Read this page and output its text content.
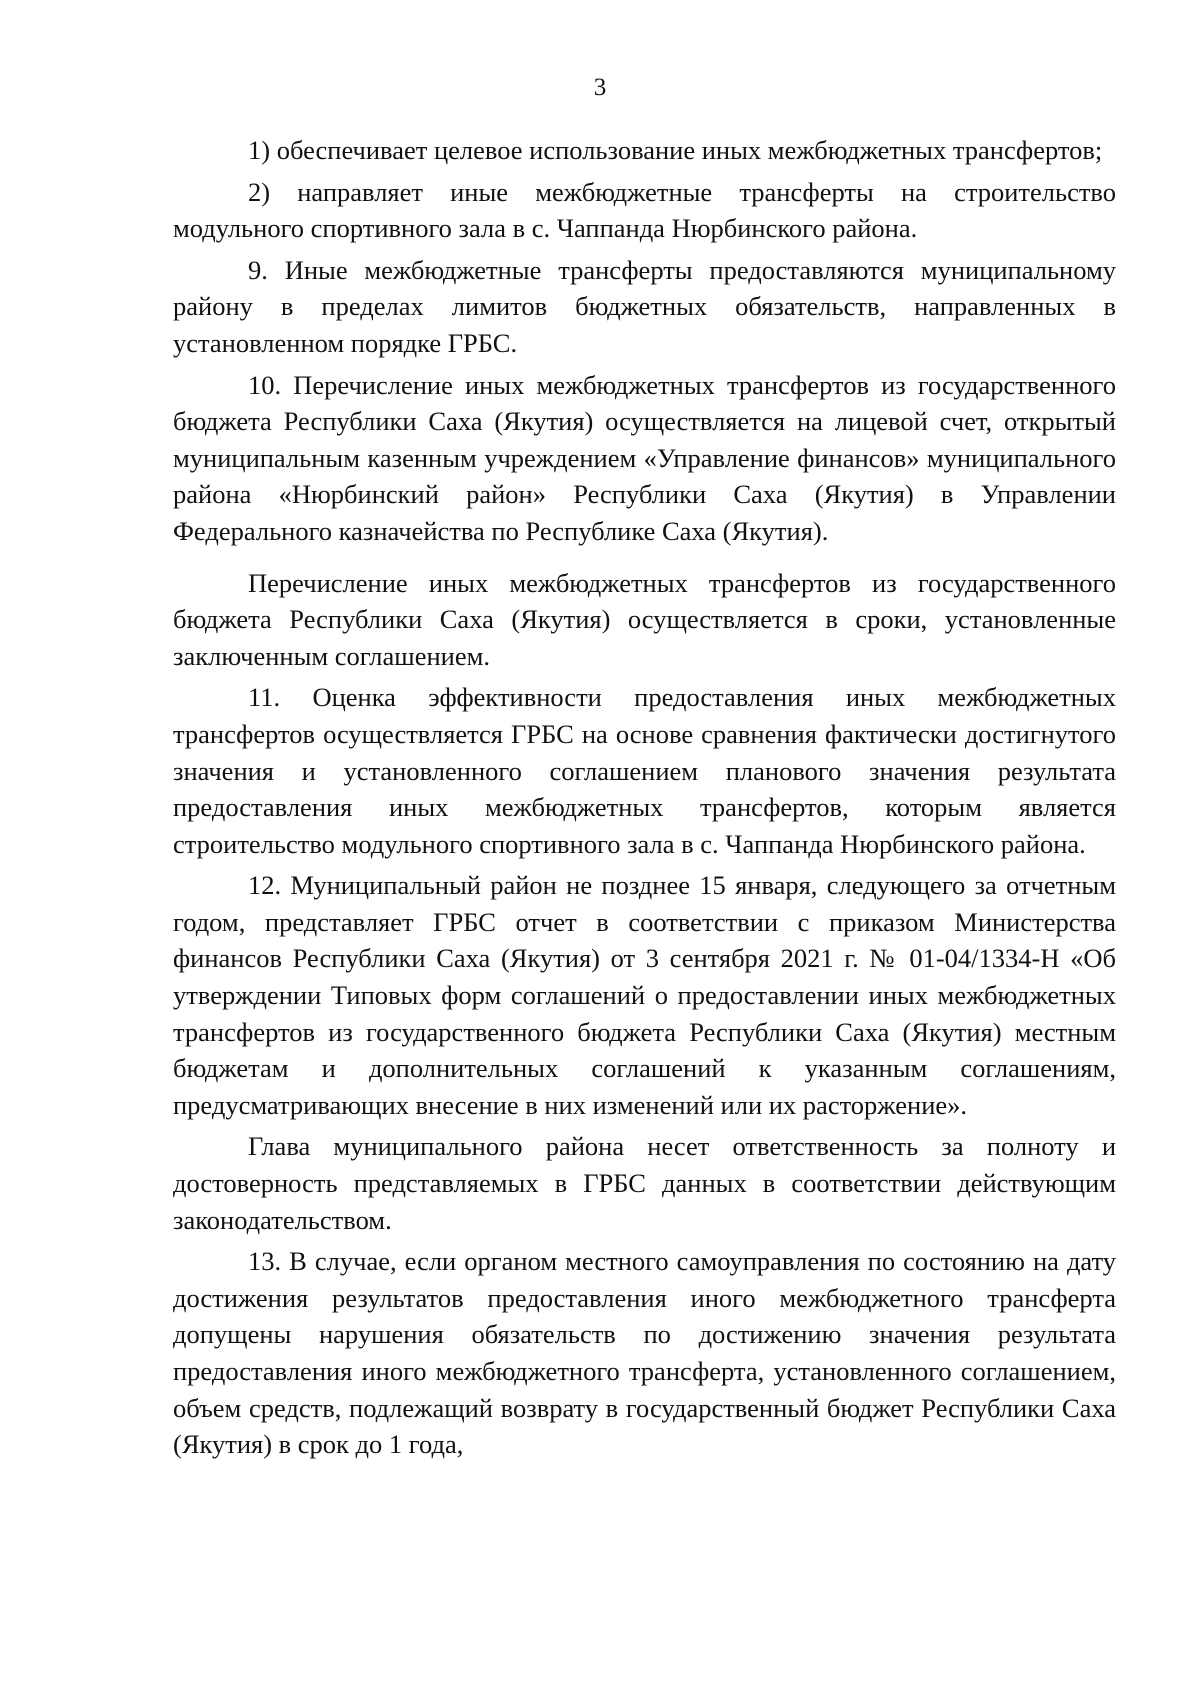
3

1) обеспечивает целевое использование иных межбюджетных трансфертов;

2) направляет иные межбюджетные трансферты на строительство модульного спортивного зала в с. Чаппанда Нюрбинского района.

9. Иные межбюджетные трансферты предоставляются муниципальному району в пределах лимитов бюджетных обязательств, направленных в установленном порядке ГРБС.

10. Перечисление иных межбюджетных трансфертов из государственного бюджета Республики Саха (Якутия) осуществляется на лицевой счет, открытый муниципальным казенным учреждением «Управление финансов» муниципального района «Нюрбинский район» Республики Саха (Якутия) в Управлении Федерального казначейства по Республике Саха (Якутия).

Перечисление иных межбюджетных трансфертов из государственного бюджета Республики Саха (Якутия) осуществляется в сроки, установленные заключенным соглашением.

11. Оценка эффективности предоставления иных межбюджетных трансфертов осуществляется ГРБС на основе сравнения фактически достигнутого значения и установленного соглашением планового значения результата предоставления иных межбюджетных трансфертов, которым является строительство модульного спортивного зала в с. Чаппанда Нюрбинского района.

12. Муниципальный район не позднее 15 января, следующего за отчетным годом, представляет ГРБС отчет в соответствии с приказом Министерства финансов Республики Саха (Якутия) от 3 сентября 2021 г. № 01-04/1334-Н «Об утверждении Типовых форм соглашений о предоставлении иных межбюджетных трансфертов из государственного бюджета Республики Саха (Якутия) местным бюджетам и дополнительных соглашений к указанным соглашениям, предусматривающих внесение в них изменений или их расторжение».

Глава муниципального района несет ответственность за полноту и достоверность представляемых в ГРБС данных в соответствии действующим законодательством.

13. В случае, если органом местного самоуправления по состоянию на дату достижения результатов предоставления иного межбюджетного трансферта допущены нарушения обязательств по достижению значения результата предоставления иного межбюджетного трансферта, установленного соглашением, объем средств, подлежащий возврату в государственный бюджет Республики Саха (Якутия) в срок до 1 года,
